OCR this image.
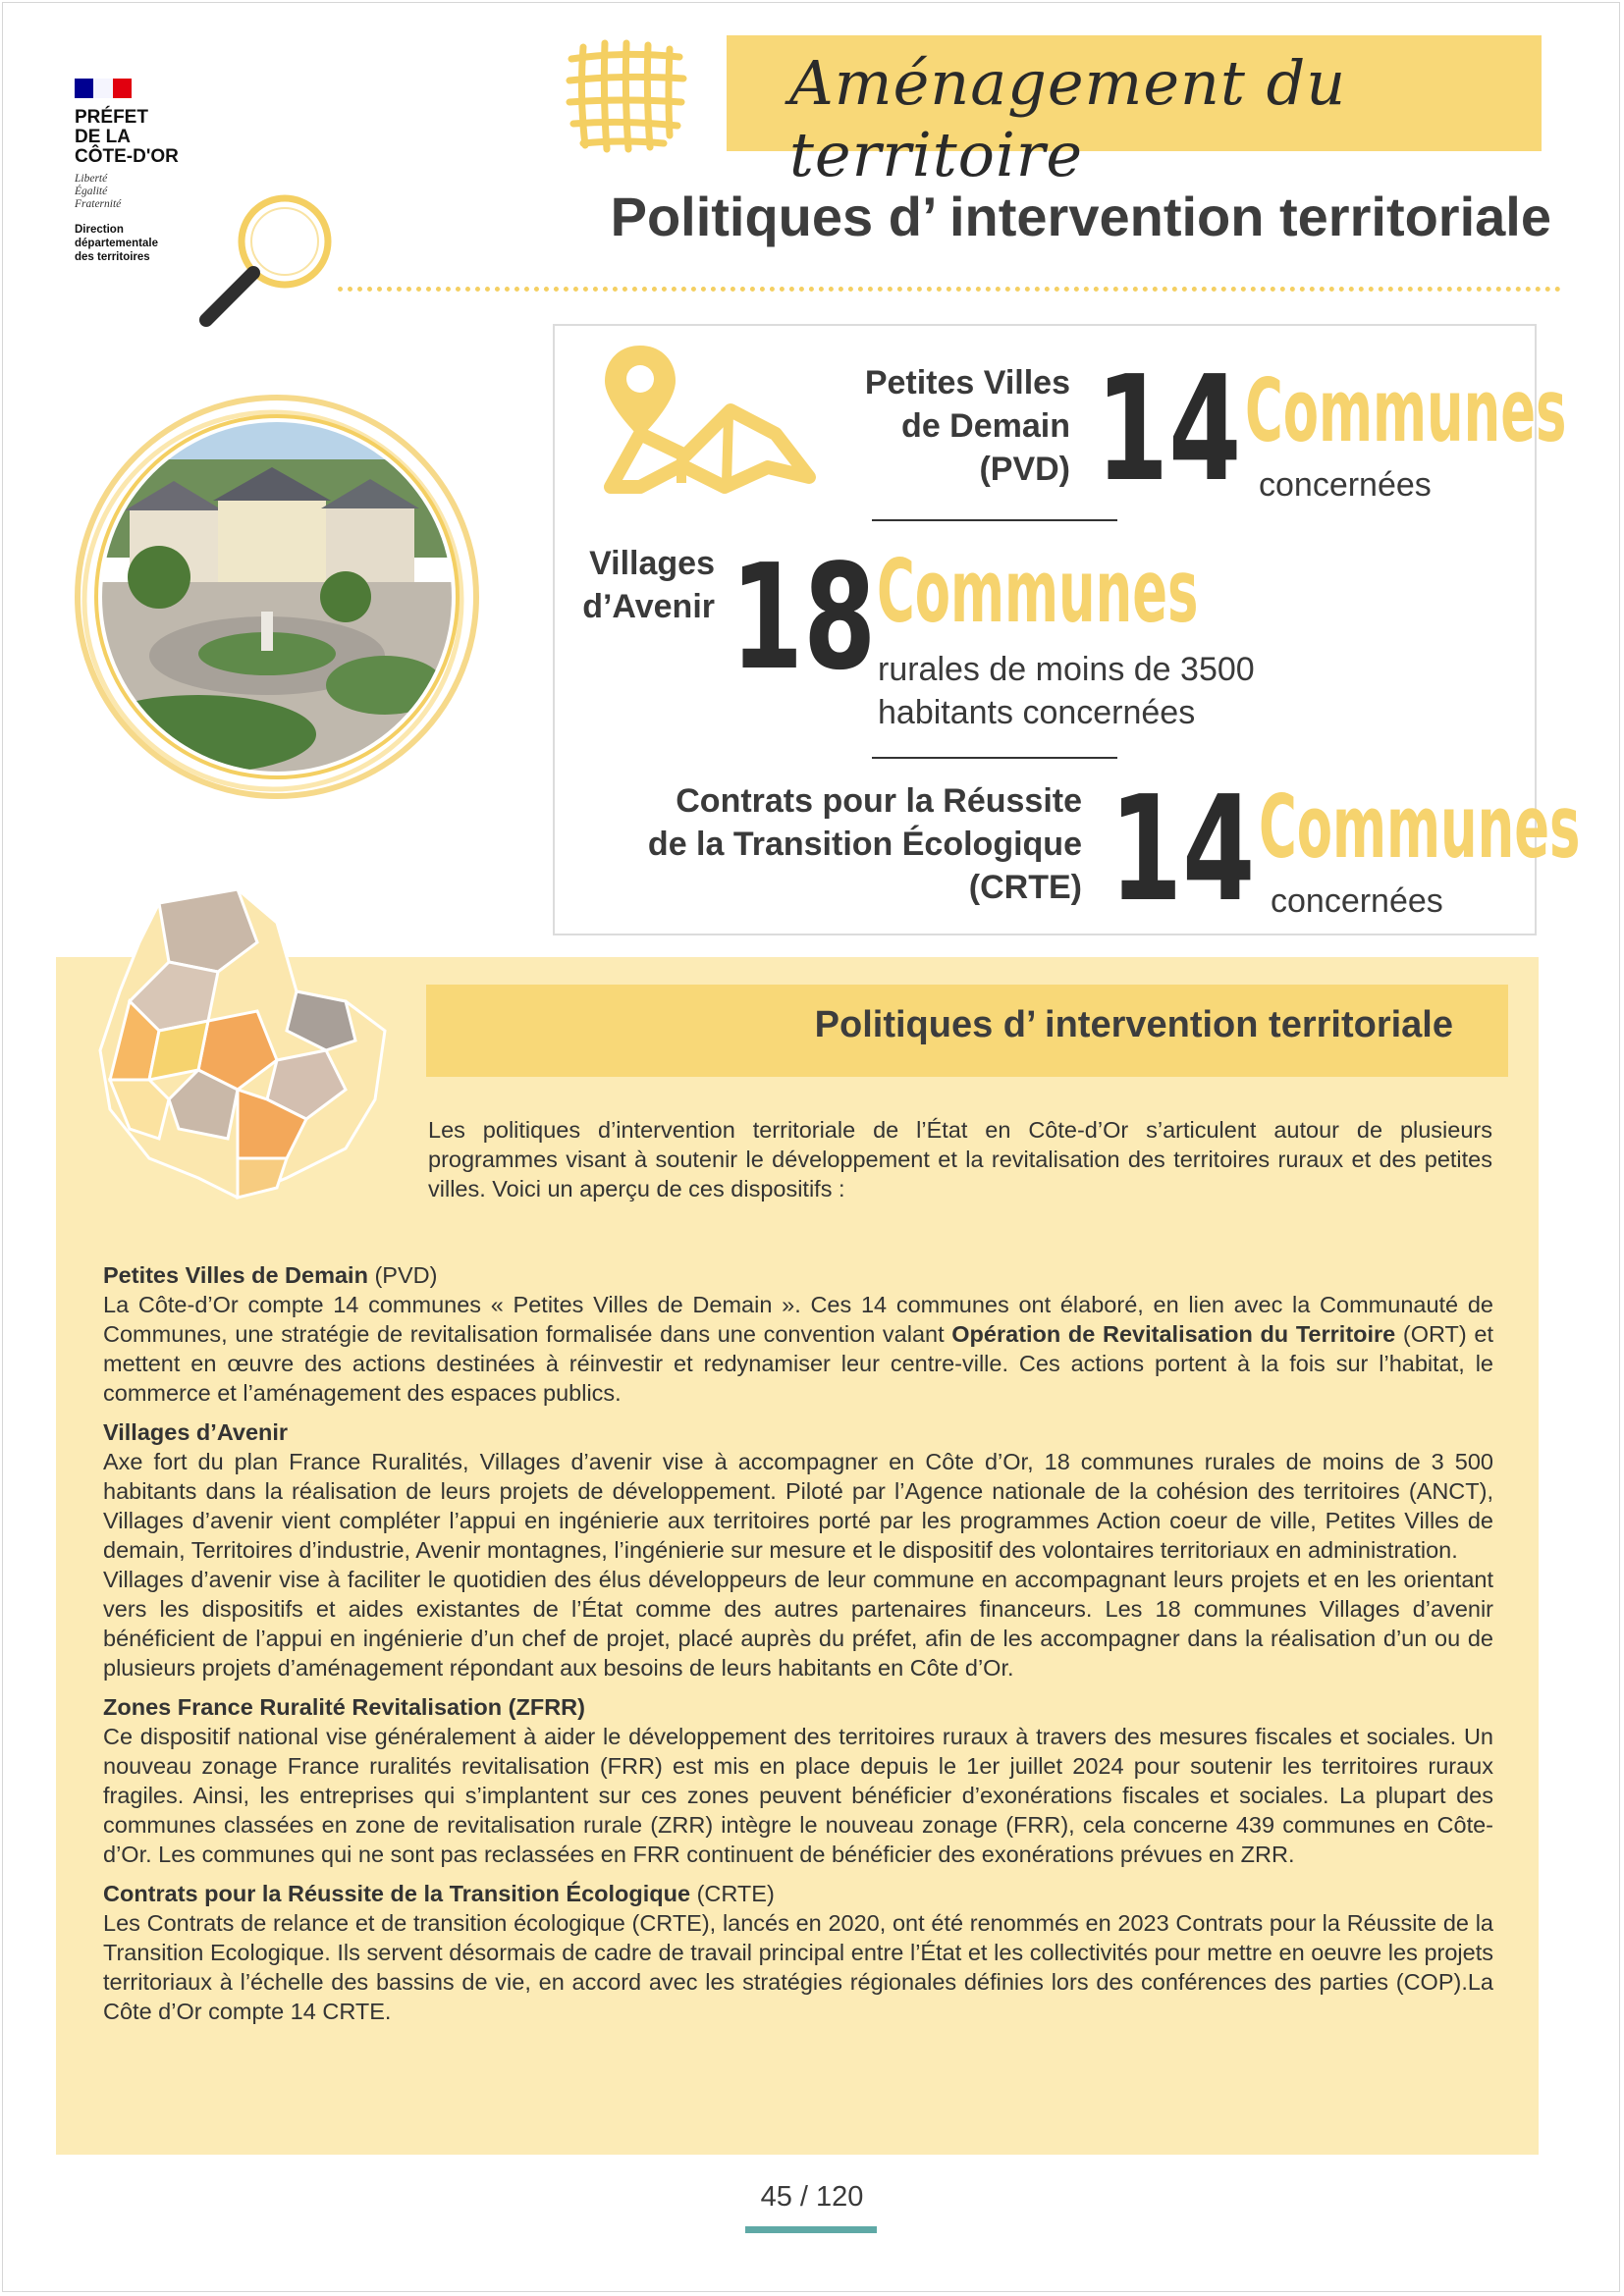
PRÉFET
DE LA
CÔTE-D'OR
Liberté
Égalité
Fraternité
Direction
départementale
des territoires
Aménagement du territoire
Politiques d’ intervention territoriale
Petites Villes
de Demain
(PVD) 14 Communes
concernées
Villages
d’Avenir 18 Communes
rurales de moins de 3500
habitants concernées
Contrats pour la Réussite
de la Transition Écologique
(CRTE) 14 Communes
concernées
Politiques d’ intervention territoriale

Les politiques d’intervention territoriale de l’État en Côte-d’Or s’articulent autour de plusieurs programmes visant à soutenir le développement et la revitalisation des territoires ruraux et des petites villes. Voici un aperçu de ces dispositifs :

Petites Villes de Demain (PVD)

La Côte-d’Or compte 14 communes « Petites Villes de Demain ». Ces 14 communes ont élaboré, en lien avec la Communauté de Communes, une stratégie de revitalisation formalisée dans une convention valant Opération de Revitalisation du Territoire (ORT) et mettent en œuvre des actions destinées à réinvestir et redynamiser leur centre-ville. Ces actions portent à la fois sur l’habitat, le commerce et l’aménagement des espaces publics.

Villages d’Avenir

Axe fort du plan France Ruralités, Villages d’avenir vise à accompagner en Côte d’Or, 18 communes rurales de moins de 3 500 habitants dans la réalisation de leurs projets de développement. Piloté par l’Agence nationale de la cohésion des territoires (ANCT), Villages d’avenir vient compléter l’appui en ingénierie aux territoires porté par les programmes Action coeur de ville, Petites Villes de demain, Territoires d’industrie, Avenir montagnes, l’ingénierie sur mesure et le dispositif des volontaires territoriaux en administration.

Villages d’avenir vise à faciliter le quotidien des élus développeurs de leur commune en accompagnant leurs projets et en les orientant vers les dispositifs et aides existantes de l’État comme des autres partenaires financeurs. Les 18 communes Villages d’avenir bénéficient de l’appui en ingénierie d’un chef de projet, placé auprès du préfet, afin de les accompagner dans la réalisation d’un ou de plusieurs projets d’aménagement répondant aux besoins de leurs habitants en Côte d’Or.

Zones France Ruralité Revitalisation (ZFRR)

Ce dispositif national vise généralement à aider le développement des territoires ruraux à travers des mesures fiscales et sociales. Un nouveau zonage France ruralités revitalisation (FRR) est mis en place depuis le 1er juillet 2024 pour soutenir les territoires ruraux fragiles. Ainsi, les entreprises qui s’implantent sur ces zones peuvent bénéficier d’exonérations fiscales et sociales. La plupart des communes classées en zone de revitalisation rurale (ZRR) intègre le nouveau zonage (FRR), cela concerne 439 communes en Côte-d’Or. Les communes qui ne sont pas reclassées en FRR continuent de bénéficier des exonérations prévues en ZRR.

Contrats pour la Réussite de la Transition Écologique (CRTE)

Les Contrats de relance et de transition écologique (CRTE), lancés en 2020, ont été renommés en 2023 Contrats pour la Réussite de la Transition Ecologique. Ils servent désormais de cadre de travail principal entre l’État et les collectivités pour mettre en oeuvre les projets territoriaux à l’échelle des bassins de vie, en accord avec les stratégies régionales définies lors des conférences des parties (COP).La Côte d’Or compte 14 CRTE.

45 / 120
